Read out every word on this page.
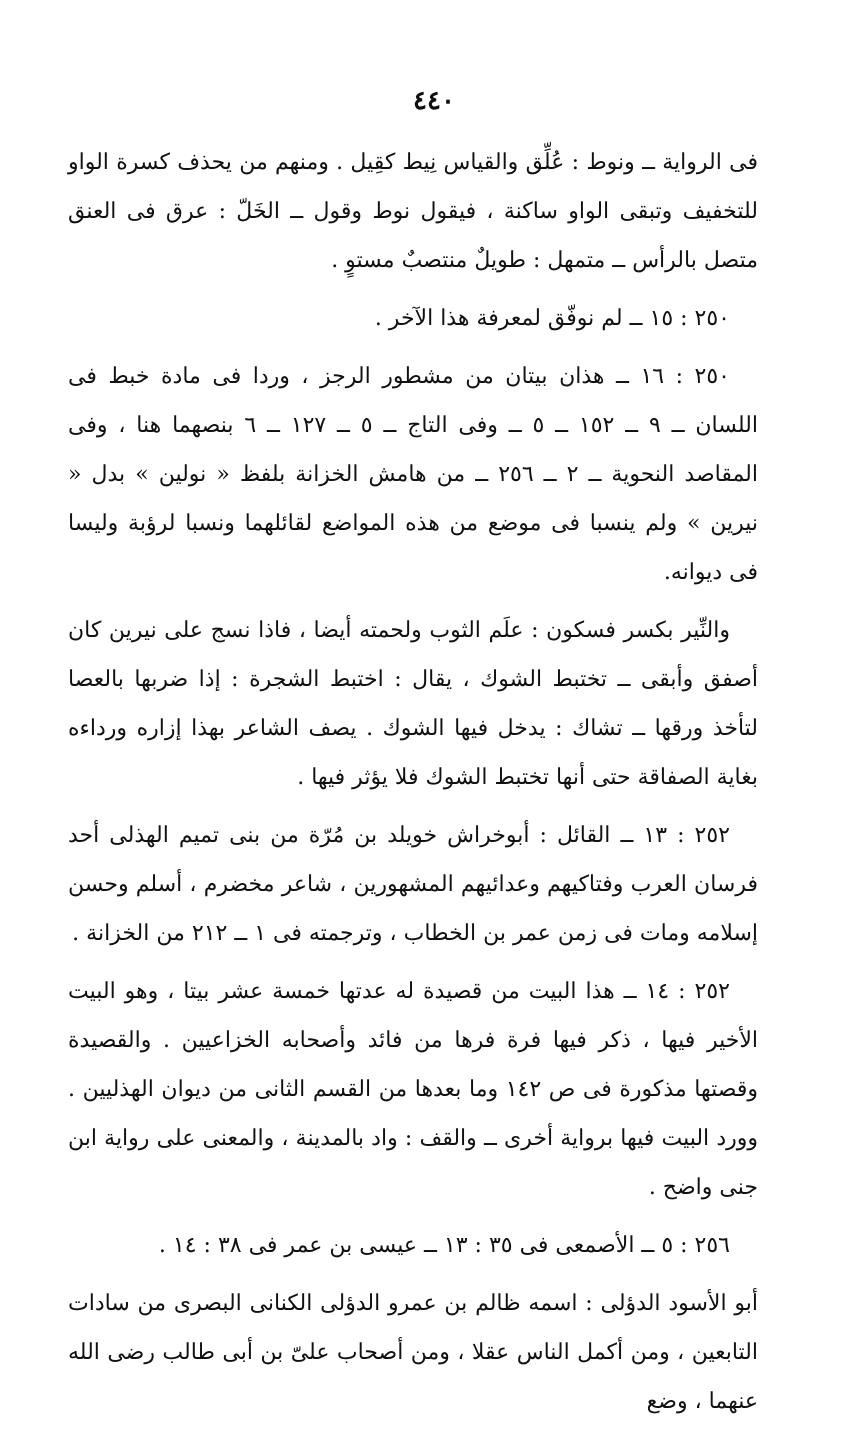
٤٤٠

فى الرواية ــ ونوط : عُلِّق والقياس نِيط كقِيل . ومنهم من يحذف كسرة الواو للتخفيف وتبقى الواو ساكنة ، فيقول نوط وقول ــ الخَلّ : عرق فى العنق متصل بالرأس ــ متمهل : طويلٌ منتصبٌ مستوٍ .

٢٥٠ : ١٥ ــ لم نوفّق لمعرفة هذا الآخر .

٢٥٠ : ١٦ ــ هذان بيتان من مشطور الرجز ، وردا فى مادة خبط فى اللسان ــ ٩ ــ ١٥٢ ــ ٥ ــ وفى التاج ــ ٥ ــ ١٢٧ ــ ٦ بنصهما هنا ، وفى المقاصد النحوية ــ ٢ ــ ٢٥٦ ــ من هامش الخزانة بلفظ « نولين » بدل « نيرين » ولم ينسبا فى موضع من هذه المواضع لقائلهما ونسبا لرؤبة وليسا فى ديوانه.

والنِّير بكسر فسكون : علَم الثوب ولحمته أيضا ، فاذا نسج على نيرين كان أصفق وأبقى ــ تختبط الشوك ، يقال : اختبط الشجرة : إذا ضربها بالعصا لتأخذ ورقها ــ تشاك : يدخل فيها الشوك . يصف الشاعر بهذا إزاره ورداءه بغاية الصفاقة حتى أنها تختبط الشوك فلا يؤثر فيها .

٢٥٢ : ١٣ ــ القائل : أبوخراش خويلد بن مُرّة من بنى تميم الهذلى أحد فرسان العرب وفتاكيهم وعدائيهم المشهورين ، شاعر مخضرم ، أسلم وحسن إسلامه ومات فى زمن عمر بن الخطاب ، وترجمته فى ١ ــ ٢١٢ من الخزانة .

٢٥٢ : ١٤ ــ هذا البيت من قصيدة له عدتها خمسة عشر بيتا ، وهو البيت الأخير فيها ، ذكر فيها فرة فرها من فائد وأصحابه الخزاعيين . والقصيدة وقصتها مذكورة فى ص ١٤٢ وما بعدها من القسم الثانى من ديوان الهذليين . وورد البيت فيها برواية أخرى ــ والقف : واد بالمدينة ، والمعنى على رواية ابن جنى واضح .

٢٥٦ : ٥ ــ الأصمعى فى ٣٥ : ١٣ ــ عيسى بن عمر فى ٣٨ : ١٤ .

أبو الأسود الدؤلى : اسمه ظالم بن عمرو الدؤلى الكنانى البصرى من سادات التابعين ، ومن أكمل الناس عقلا ، ومن أصحاب علىّ بن أبى طالب رضى الله عنهما ، وضع
